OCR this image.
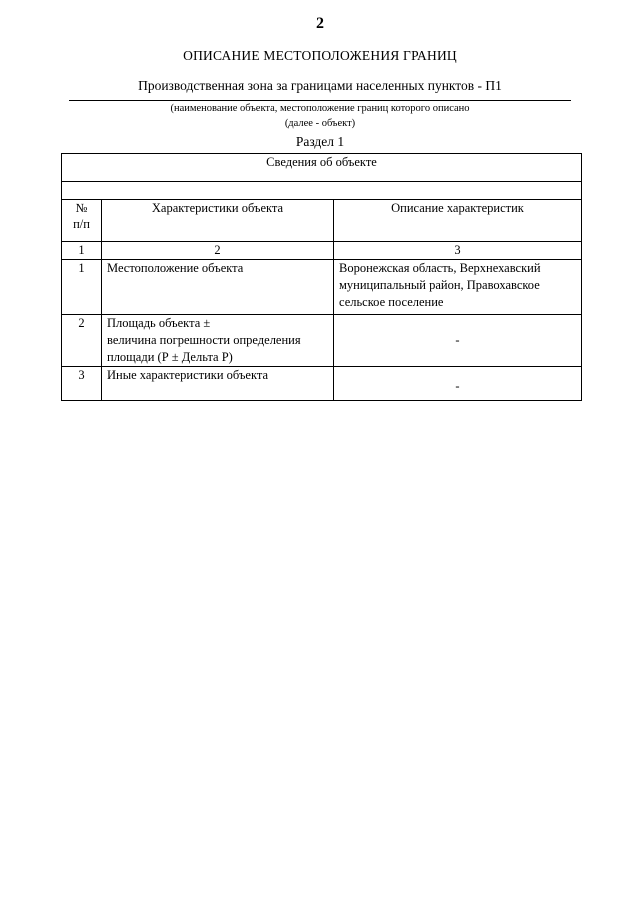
2
ОПИСАНИЕ МЕСТОПОЛОЖЕНИЯ ГРАНИЦ
Производственная зона за границами населенных пунктов - П1
(наименование объекта, местоположение границ которого описано
(далее - объект)
Раздел 1
Сведения об объекте		

№
п/п	Характеристики объекта	Описание характеристик
1	2	3
1	Местоположение объекта	Воронежская область, Верхнехавский муниципальный район, Правохавское сельское поселение
2	Площадь объекта ±
величина погрешности определения площади (Р ± Дельта Р)	-
3	Иные характеристики объекта	-
